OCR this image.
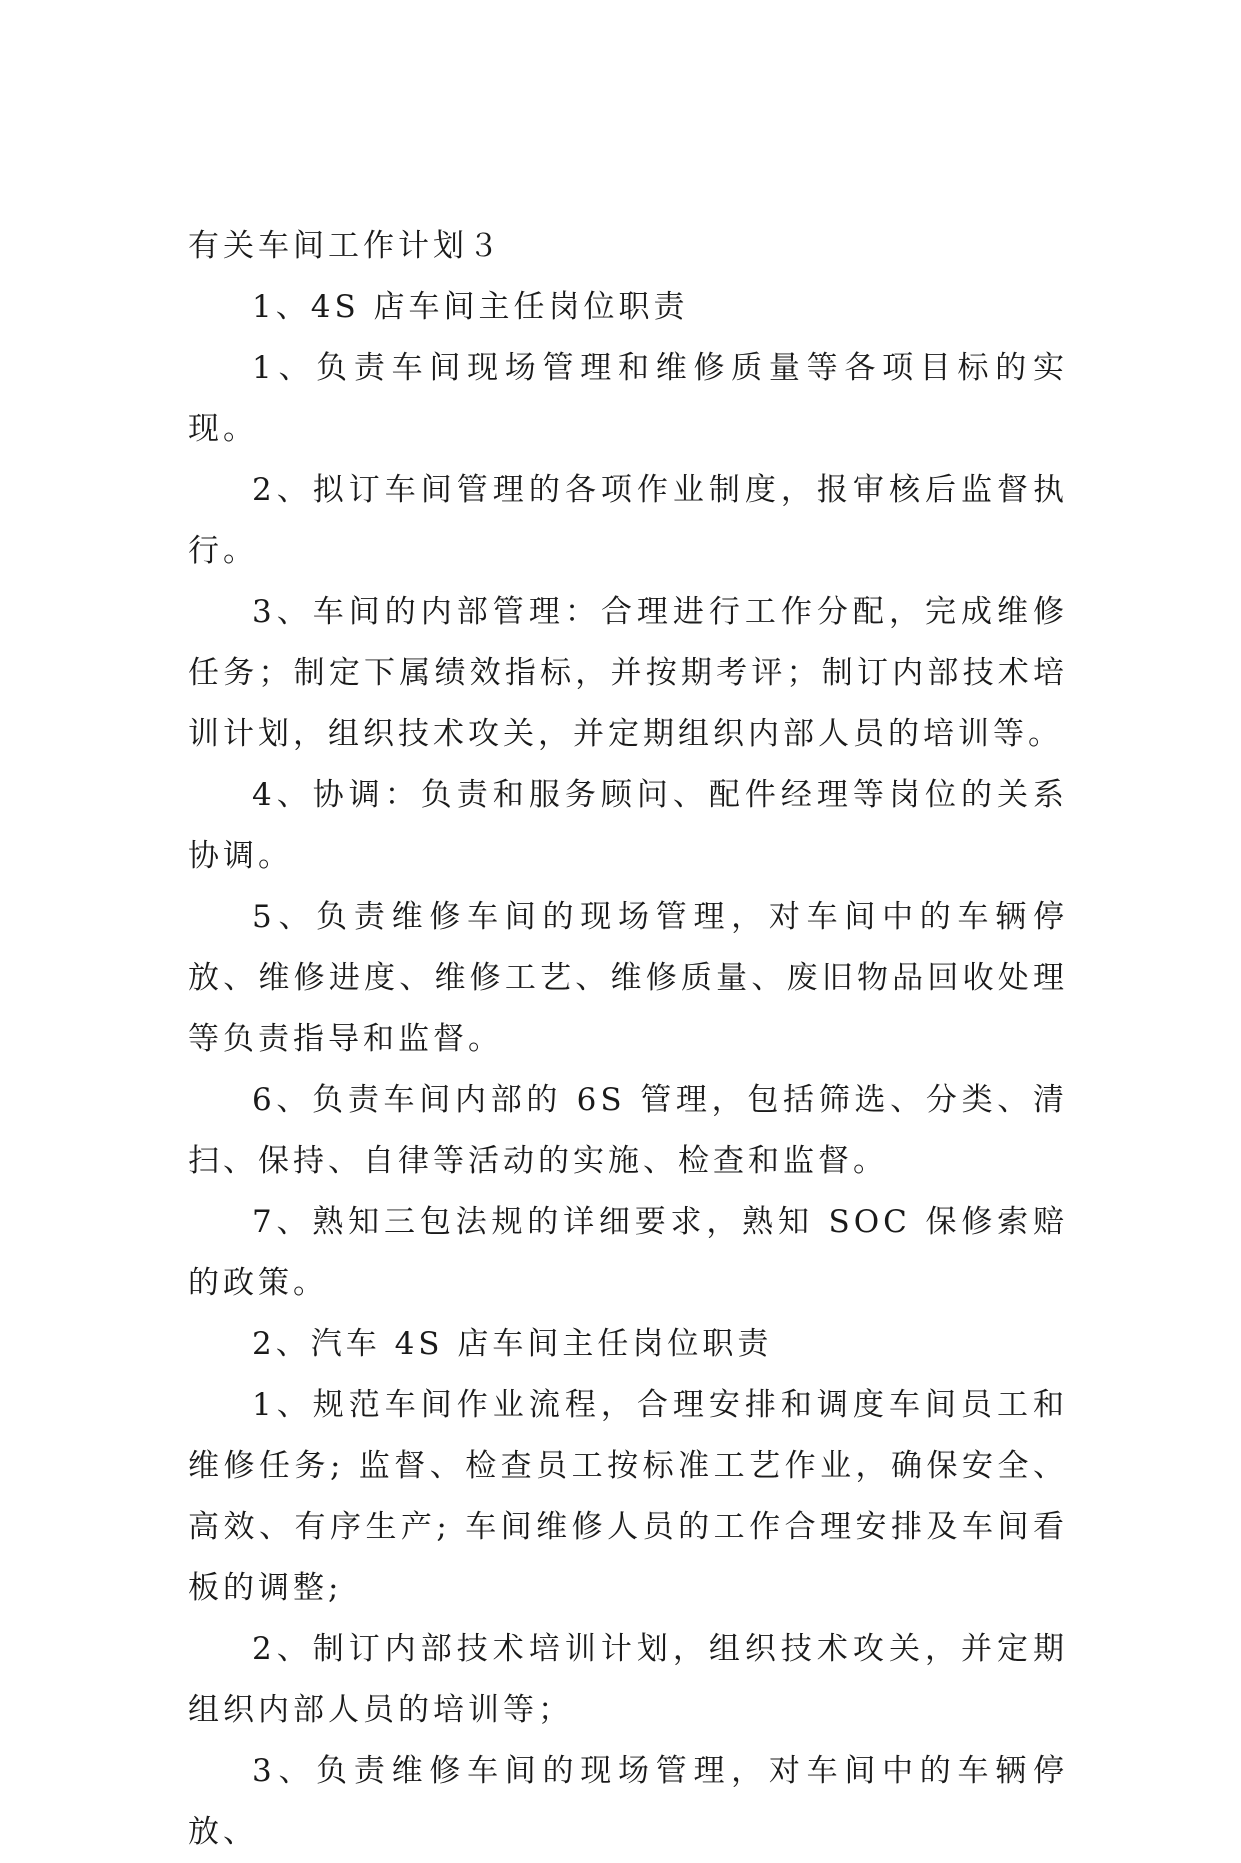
有关车间工作计划３

1、4S 店车间主任岗位职责

1、负责车间现场管理和维修质量等各项目标的实现。

2、拟订车间管理的各项作业制度，报审核后监督执行。

3、车间的内部管理：合理进行工作分配，完成维修任务；制定下属绩效指标，并按期考评；制订内部技术培训计划，组织技术攻关，并定期组织内部人员的培训等。

4、协调：负责和服务顾问、配件经理等岗位的关系协调。

5、负责维修车间的现场管理，对车间中的车辆停放、维修进度、维修工艺、维修质量、废旧物品回收处理等负责指导和监督。

6、负责车间内部的 6S 管理，包括筛选、分类、清扫、保持、自律等活动的实施、检查和监督。

7、熟知三包法规的详细要求，熟知 SOC 保修索赔的政策。

2、汽车 4S 店车间主任岗位职责

1、规范车间作业流程，合理安排和调度车间员工和维修任务; 监督、检查员工按标准工艺作业，确保安全、高效、有序生产; 车间维修人员的工作合理安排及车间看板的调整;

2、制订内部技术培训计划，组织技术攻关，并定期组织内部人员的培训等；

3、负责维修车间的现场管理，对车间中的车辆停放、
